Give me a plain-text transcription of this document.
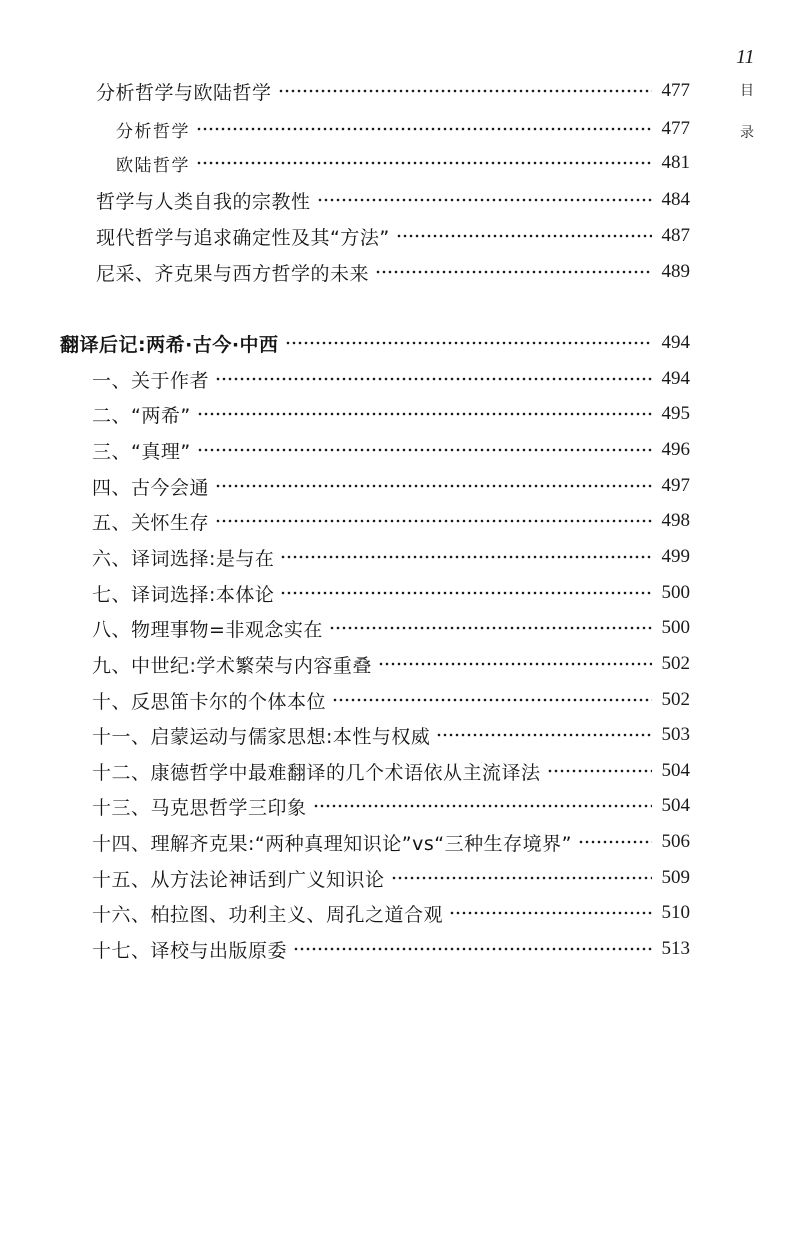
11
目
录
分析哲学与欧陆哲学	477
分析哲学	477
欧陆哲学	481
哲学与人类自我的宗教性	484
现代哲学与追求确定性及其“方法”	487
尼采、齐克果与西方哲学的未来	489
翻译后记:两希·古今·中西	494
一、关于作者	494
二、“两希”	495
三、“真理”	496
四、古今会通	497
五、关怀生存	498
六、译词选择:是与在	499
七、译词选择:本体论	500
八、物理事物=非观念实在	500
九、中世纪:学术繁荣与内容重叠	502
十、反思笛卡尔的个体本位	502
十一、启蒙运动与儒家思想:本性与权威	503
十二、康德哲学中最难翻译的几个术语依从主流译法	504
十三、马克思哲学三印象	504
十四、理解齐克果:“两种真理知识论”vs“三种生存境界”	506
十五、从方法论神话到广义知识论	509
十六、柏拉图、功利主义、周孔之道合观	510
十七、译校与出版原委	513
